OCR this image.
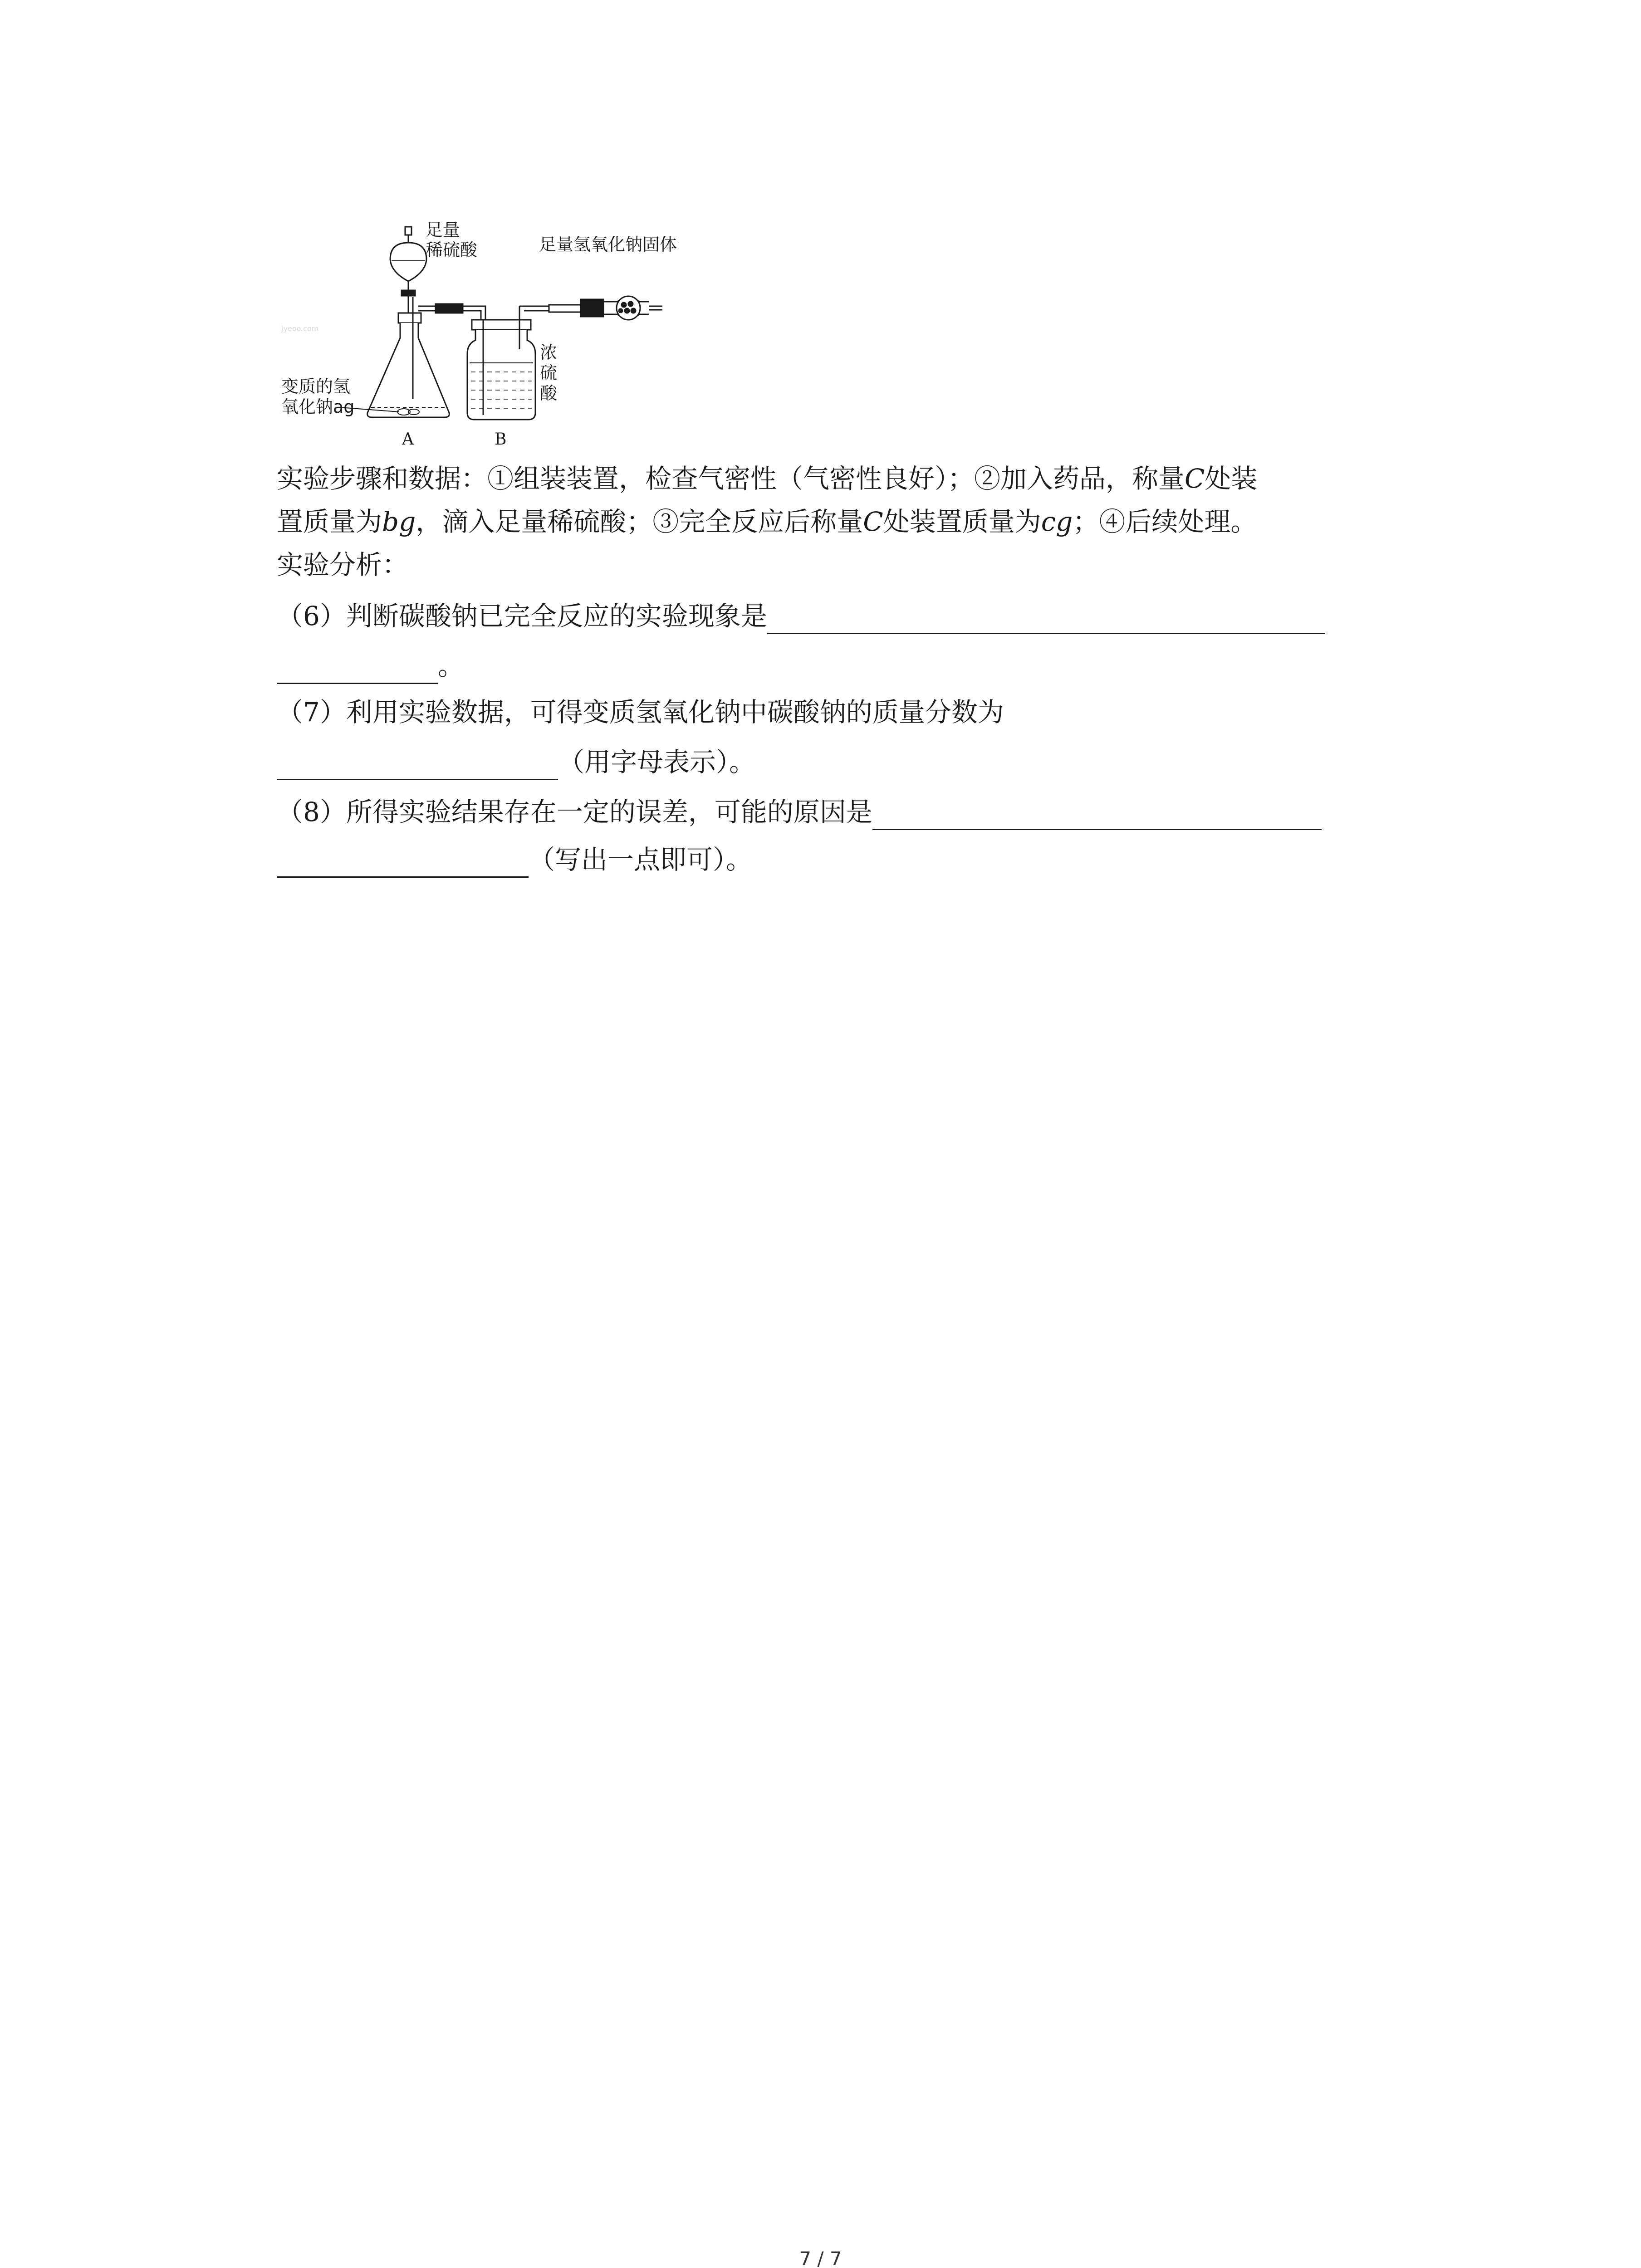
jyeoo.com
足量
稀硫酸	足量氢氧化钠固体
变质的氢
氧化钠ag
浓
硫
酸
A	B
实验步骤和数据：①组装装置，检查气密性（气密性良好）；②加入药品，称量C处装
置质量为bg，滴入足量稀硫酸；③完全反应后称量C处装置质量为cg；④后续处理。
实验分析：
（6）判断碳酸钠已完全反应的实验现象是
。
（7）利用实验数据，可得变质氢氧化钠中碳酸钠的质量分数为
（用字母表示）。
（8）所得实验结果存在一定的误差，可能的原因是
（写出一点即可）。
7 / 7
